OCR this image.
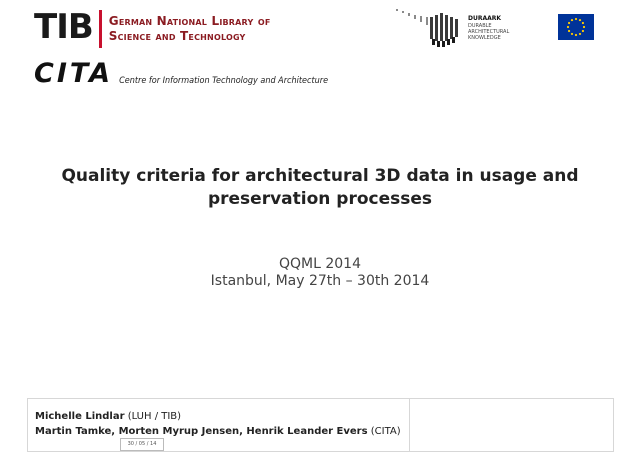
TIB German National Library of
Science and Technology
CITA Centre for Information Technology and Architecture
Quality criteria for architectural 3D data in usage and preservation processes
QQML 2014
Istanbul, May 27th – 30th 2014
Michelle Lindlar (LUH / TIB)
Martin Tamke, Morten Myrup Jensen, Henrik Leander Evers (CITA)
30 / 05 / 14
DURAARK
DURABLE
ARCHITECTURAL
KNOWLEDGE
